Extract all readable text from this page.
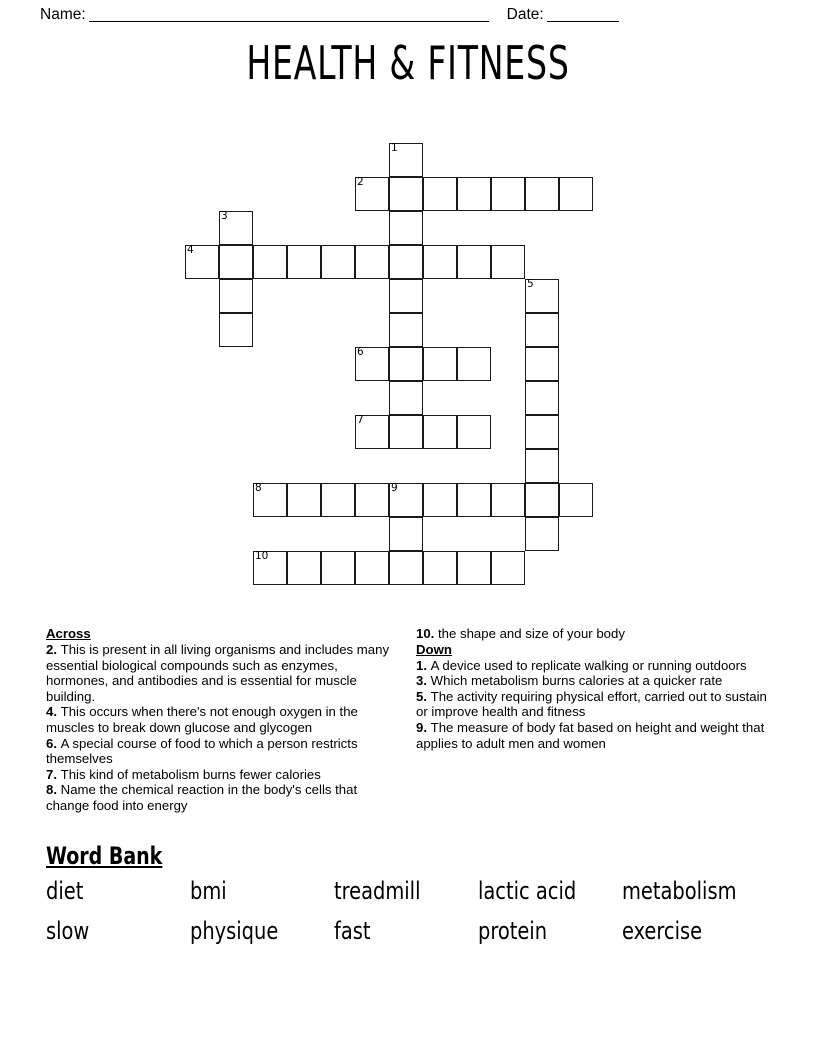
Name:	Date:
HEALTH & FITNESS
1
2
3
4
5
6
7
8	9
10
Across
2. This is present in all living organisms and includes many essential biological compounds such as enzymes, hormones, and antibodies and is essential for muscle building.
4. This occurs when there's not enough oxygen in the muscles to break down glucose and glycogen
6. A special course of food to which a person restricts themselves
7. This kind of metabolism burns fewer calories
8. Name the chemical reaction in the body's cells that change food into energy
10. the shape and size of your body
Down
1. A device used to replicate walking or running outdoors
3. Which metabolism burns calories at a quicker rate
5. The activity requiring physical effort, carried out to sustain or improve health and fitness
9. The measure of body fat based on height and weight that applies to adult men and women
Word Bank
diet	bmi	treadmill	lactic acid	metabolism
slow	physique	fast	protein	exercise
